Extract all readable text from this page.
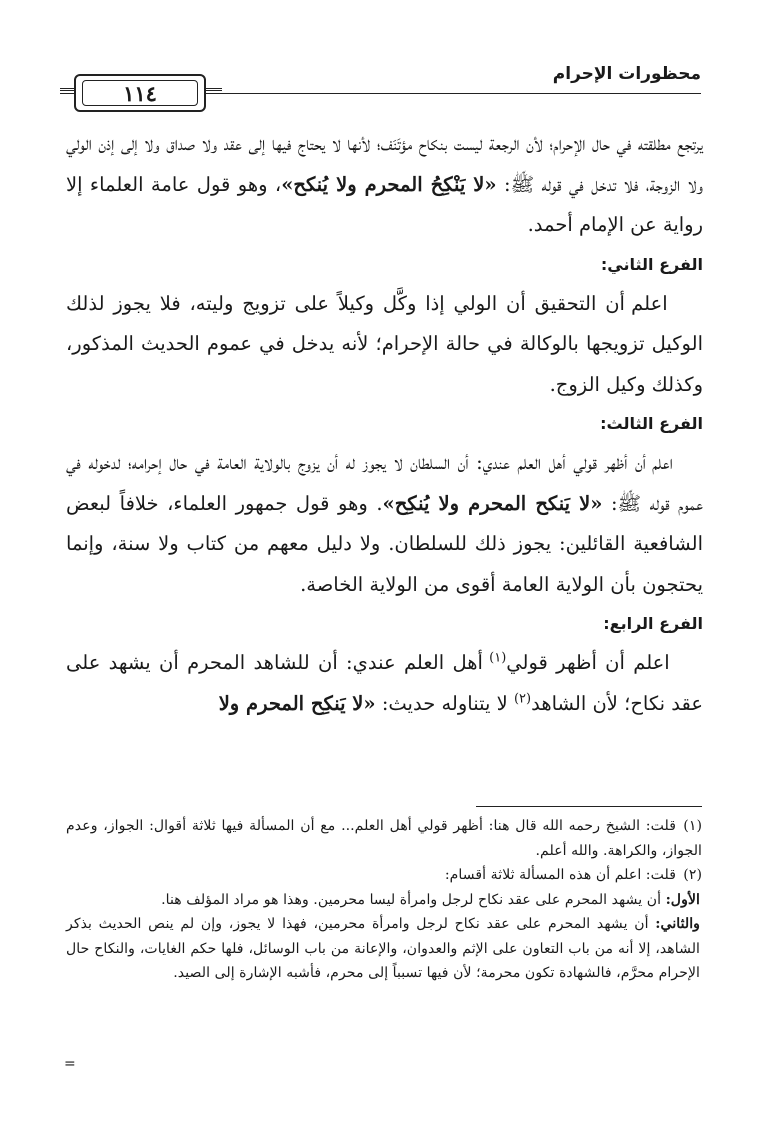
١١٤
محظورات الإحرام

يرتجع مطلقته في حال الإحرام؛ لأن الرجعة ليست بنكاح مؤتَنَف؛ لأنها لا يحتاج فيها إلى عقد ولا صداق ولا إلى إذن الولي ولا الزوجة، فلا تدخل في قوله ﷺ: «لا يَنْكِحُ المحرم ولا يُنكح»، وهو قول عامة العلماء إلا رواية عن الإمام أحمد.

الفرع الثاني:

اعلم أن التحقيق أن الولي إذا وكَّل وكيلاً على تزويج وليته، فلا يجوز لذلك الوكيل تزويجها بالوكالة في حالة الإحرام؛ لأنه يدخل في عموم الحديث المذكور، وكذلك وكيل الزوج.

الفرع الثالث:

اعلم أن أظهر قولي أهل العلم عندي: أن السلطان لا يجوز له أن يزوج بالولاية العامة في حال إحرامه؛ لدخوله في عموم قوله ﷺ: «لا يَنكح المحرم ولا يُنكِح». وهو قول جمهور العلماء، خلافاً لبعض الشافعية القائلين: يجوز ذلك للسلطان. ولا دليل معهم من كتاب ولا سنة، وإنما يحتجون بأن الولاية العامة أقوى من الولاية الخاصة.

الفرع الرابع:

اعلم أن أظهر قولي$^{(١)}$ أهل العلم عندي: أن للشاهد المحرم أن يشهد على عقد نكاح؛ لأن الشاهد$^{(٢)}$ لا يتناوله حديث: «لا يَنكِح المحرم ولا

(١)قلت: الشيخ رحمه الله قال هنا: أظهر قولي أهل العلم... مع أن المسألة فيها ثلاثة أقوال: الجواز، وعدم الجواز، والكراهة. والله أعلم.

(٢)قلت: اعلم أن هذه المسألة ثلاثة أقسام:

الأول: أن يشهد المحرم على عقد نكاح لرجل وامرأة ليسا محرمين. وهذا هو مراد المؤلف هنا.

والثاني: أن يشهد المحرم على عقد نكاح لرجل وامرأة محرمين، فهذا لا يجوز، وإن لم ينص الحديث بذكر الشاهد، إلا أنه من باب التعاون على الإثم والعدوان، والإعانة من باب الوسائل، فلها حكم الغايات، والنكاح حال الإحرام محرَّم، فالشهادة تكون محرمة؛ لأن فيها تسبباً إلى محرم، فأشبه الإشارة إلى الصيد.

=
